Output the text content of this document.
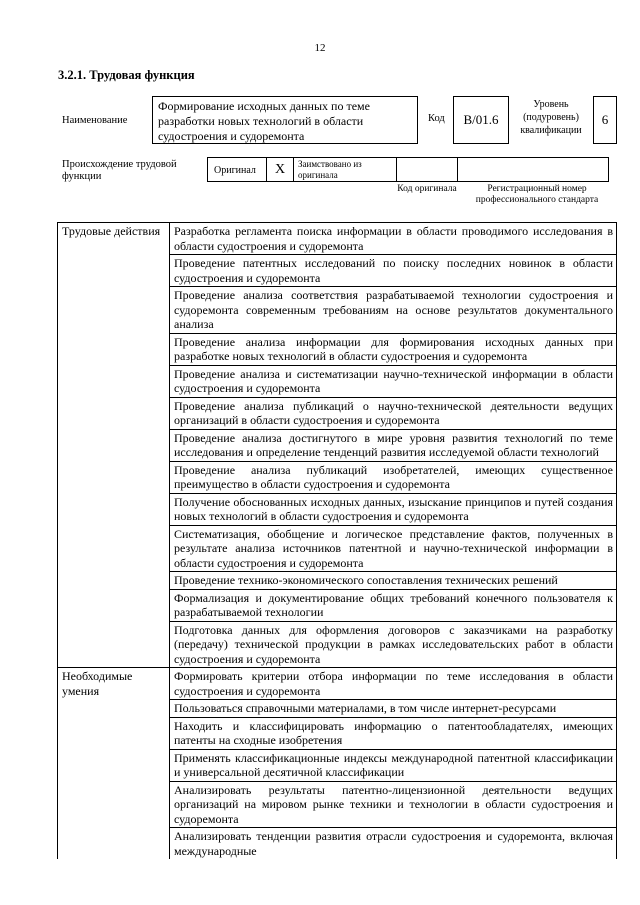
12
3.2.1. Трудовая функция
Наименование
Формирование исходных данных по теме разработки новых технологий в области судостроения и судоремонта
Код	B/01.6
Уровень (подуровень) квалификации
6
Происхождение трудовой функции
Оригинал	X	Заимствовано из оригинала
Код оригинала	Регистрационный номер профессионального стандарта
Трудовые действия	Разработка регламента поиска информации в области проводимого исследования в области судостроения и судоремонта
	Проведение патентных исследований по поиску последних новинок в области судостроения и судоремонта
	Проведение анализа соответствия разрабатываемой технологии судостроения и судоремонта современным требованиям на основе результатов документального анализа
	Проведение анализа информации для формирования исходных данных при разработке новых технологий в области судостроения и судоремонта
	Проведение анализа и систематизации научно-технической информации в области судостроения и судоремонта
	Проведение анализа публикаций о научно-технической деятельности ведущих организаций в области судостроения и судоремонта
	Проведение анализа достигнутого в мире уровня развития технологий по теме исследования и определение тенденций развития исследуемой области технологий
	Проведение анализа публикаций изобретателей, имеющих существенное преимущество в области судостроения и судоремонта
	Получение обоснованных исходных данных, изыскание принципов и путей создания новых технологий в области судостроения и судоремонта
	Систематизация, обобщение и логическое представление фактов, полученных в результате анализа источников патентной и научно-технической информации в области судостроения и судоремонта
	Проведение технико-экономического сопоставления технических решений
	Формализация и документирование общих требований конечного пользователя к разрабатываемой технологии
	Подготовка данных для оформления договоров с заказчиками на разработку (передачу) технической продукции в рамках исследовательских работ в области судостроения и судоремонта
Необходимые умения	Формировать критерии отбора информации по теме исследования в области судостроения и судоремонта
	Пользоваться справочными материалами, в том числе интернет-ресурсами
	Находить и классифицировать информацию о патентообладателях, имеющих патенты на сходные изобретения
	Применять классификационные индексы международной патентной классификации и универсальной десятичной классификации
	Анализировать результаты патентно-лицензионной деятельности ведущих организаций на мировом рынке техники и технологии в области судостроения и судоремонта
	Анализировать тенденции развития отрасли судостроения и судоремонта, включая международные
